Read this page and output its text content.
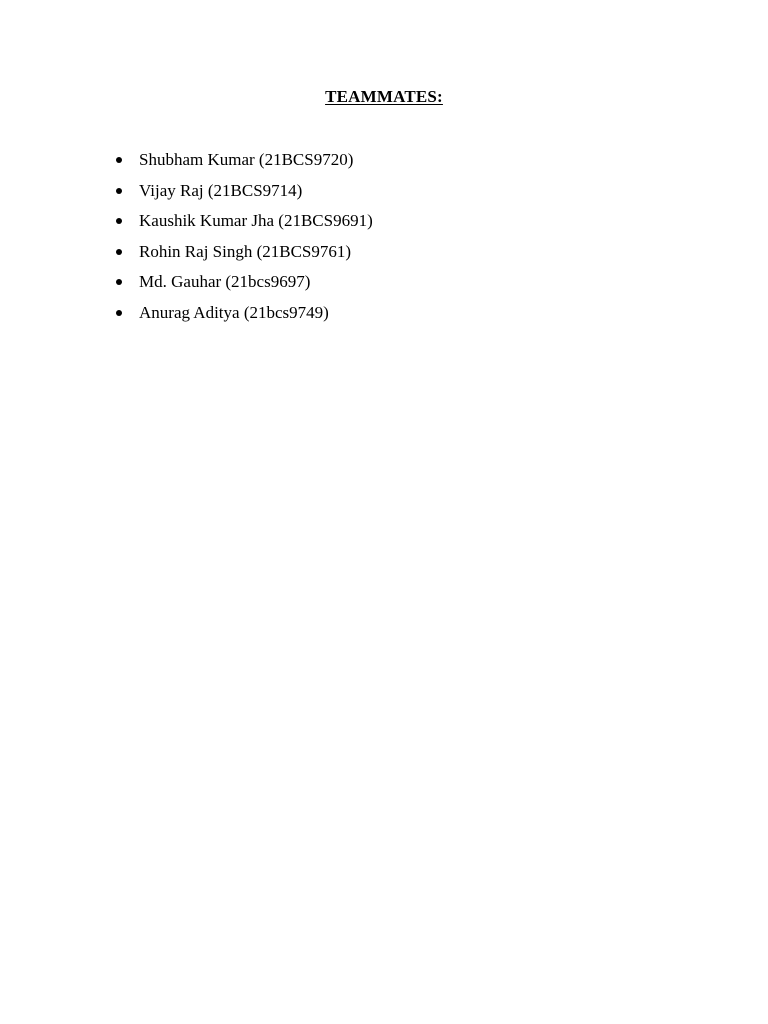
TEAMMATES:
Shubham Kumar (21BCS9720)
Vijay Raj (21BCS9714)
Kaushik Kumar Jha (21BCS9691)
Rohin Raj Singh (21BCS9761)
Md. Gauhar (21bcs9697)
Anurag Aditya (21bcs9749)
